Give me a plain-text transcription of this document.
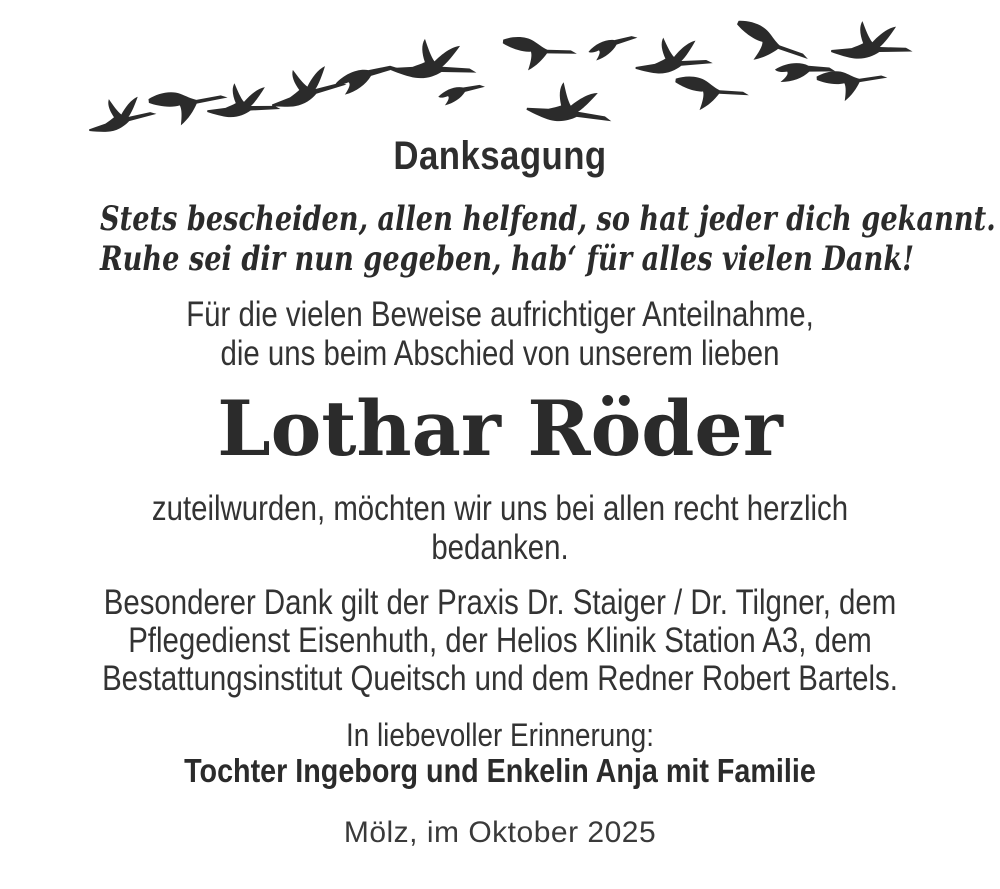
Danksagung
Stets bescheiden, allen helfend, so hat jeder dich gekannt.
Ruhe sei dir nun gegeben, hab‘ für alles vielen Dank!
Für die vielen Beweise aufrichtiger Anteilnahme,
die uns beim Abschied von unserem lieben
Lothar Röder
zuteilwurden, möchten wir uns bei allen recht herzlich
bedanken.
Besonderer Dank gilt der Praxis Dr. Staiger / Dr. Tilgner, dem
Pflegedienst Eisenhuth, der Helios Klinik Station A3, dem
Bestattungsinstitut Queitsch und dem Redner Robert Bartels.
In liebevoller Erinnerung:
Tochter Ingeborg und Enkelin Anja mit Familie
Mölz, im Oktober 2025
